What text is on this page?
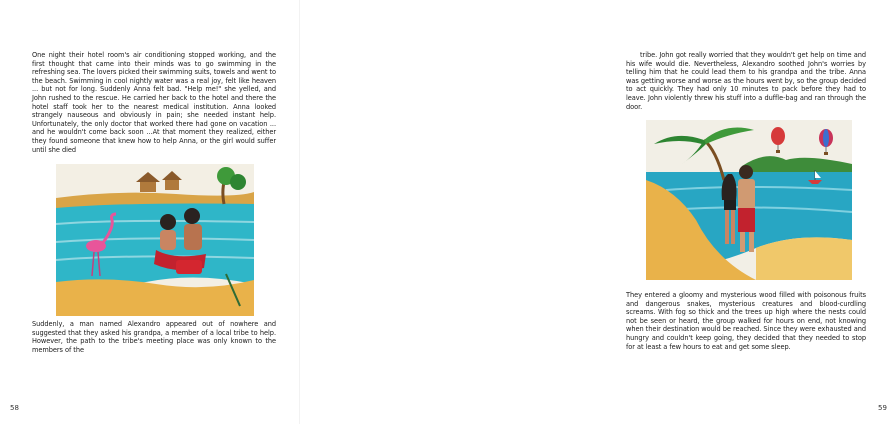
One night their hotel room's air conditioning stopped working, and the first thought that came into their minds was to go swimming in the refreshing sea. The lovers picked their swimming suits, towels and went to the beach. Swimming in cool nightly water was a real joy, felt like heaven ... but not for long. Suddenly Anna felt bad. "Help me!" she yelled, and John rushed to the rescue. He carried her back to the hotel and there the hotel staff took her to the nearest medical institution. Anna looked strangely nauseous and obviously in pain; she needed instant help. Unfortunately, the only doctor that worked there had gone on vacation ... and he wouldn't come back soon ...At that moment they realized, either they found someone that knew how to help Anna, or the girl would suffer until she died

Suddenly, a man named Alexandro appeared out of nowhere and suggested that they asked his grandpa, a member of a local tribe to help. However, the path to the tribe's meeting place was only known to the members of the

58

tribe. John got really worried that they wouldn't get help on time and his wife would die. Nevertheless, Alexandro soothed John's worries by telling him that he could lead them to his grandpa and the tribe. Anna was getting worse and worse as the hours went by, so the group decided to act quickly. They had only 10 minutes to pack before they had to leave. John violently threw his stuff into a duffle-bag and ran through the door.

They entered a gloomy and mysterious wood filled with poisonous fruits and dangerous snakes, mysterious creatures and blood-curdling screams. With fog so thick and the trees up high where the nests could not be seen or heard, the group walked for hours on end, not knowing when their destination would be reached. Since they were exhausted and hungry and couldn't keep going, they decided that they needed to stop for at least a few hours to eat and get some sleep.

59
